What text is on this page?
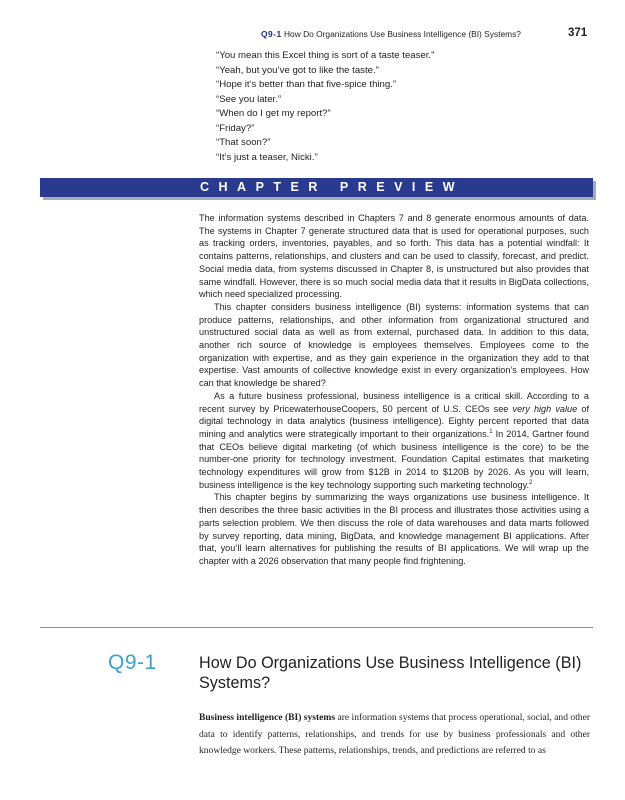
Q9-1 How Do Organizations Use Business Intelligence (BI) Systems?	371
“You mean this Excel thing is sort of a taste teaser.”
“Yeah, but you’ve got to like the taste.”
“Hope it’s better than that five-spice thing.”
“See you later.”
“When do I get my report?”
“Friday?”
“That soon?”
“It’s just a teaser, Nicki.”
CHAPTER PREVIEW

The information systems described in Chapters 7 and 8 generate enormous amounts of data. The systems in Chapter 7 generate structured data that is used for operational purposes, such as tracking orders, inventories, payables, and so forth. This data has a potential windfall: It contains patterns, relationships, and clusters and can be used to classify, forecast, and predict. Social media data, from systems discussed in Chapter 8, is unstructured but also provides that same windfall. However, there is so much social media data that it results in BigData collections, which need specialized processing.

This chapter considers business intelligence (BI) systems: information systems that can produce patterns, relationships, and other information from organizational structured and unstructured social data as well as from external, purchased data. In addition to this data, another rich source of knowledge is employees themselves. Employees come to the organization with expertise, and as they gain experience in the organization they add to that expertise. Vast amounts of collective knowledge exist in every organization’s employees. How can that knowledge be shared?

As a future business professional, business intelligence is a critical skill. According to a recent survey by PricewaterhouseCoopers, 50 percent of U.S. CEOs see very high value of digital technology in data analytics (business intelligence). Eighty percent reported that data mining and analytics were strategically important to their organizations.$^1$ In 2014, Gartner found that CEOs believe digital marketing (of which business intelligence is the core) to be the number-one priority for technology investment. Foundation Capital estimates that marketing technology expenditures will grow from $12B in 2014 to $120B by 2026. As you will learn, business intelligence is the key technology supporting such marketing technology.$^2$

This chapter begins by summarizing the ways organizations use business intelligence. It then describes the three basic activities in the BI process and illustrates those activities using a parts selection problem. We then discuss the role of data warehouses and data marts followed by survey reporting, data mining, BigData, and knowledge management BI applications. After that, you’ll learn alternatives for publishing the results of BI applications. We will wrap up the chapter with a 2026 observation that many people find frightening.

Q9-1	How Do Organizations Use Business Intelligence (BI) Systems?

Business intelligence (BI) systems are information systems that process operational, social, and other data to identify patterns, relationships, and trends for use by business professionals and other knowledge workers. These patterns, relationships, trends, and predictions are referred to as
